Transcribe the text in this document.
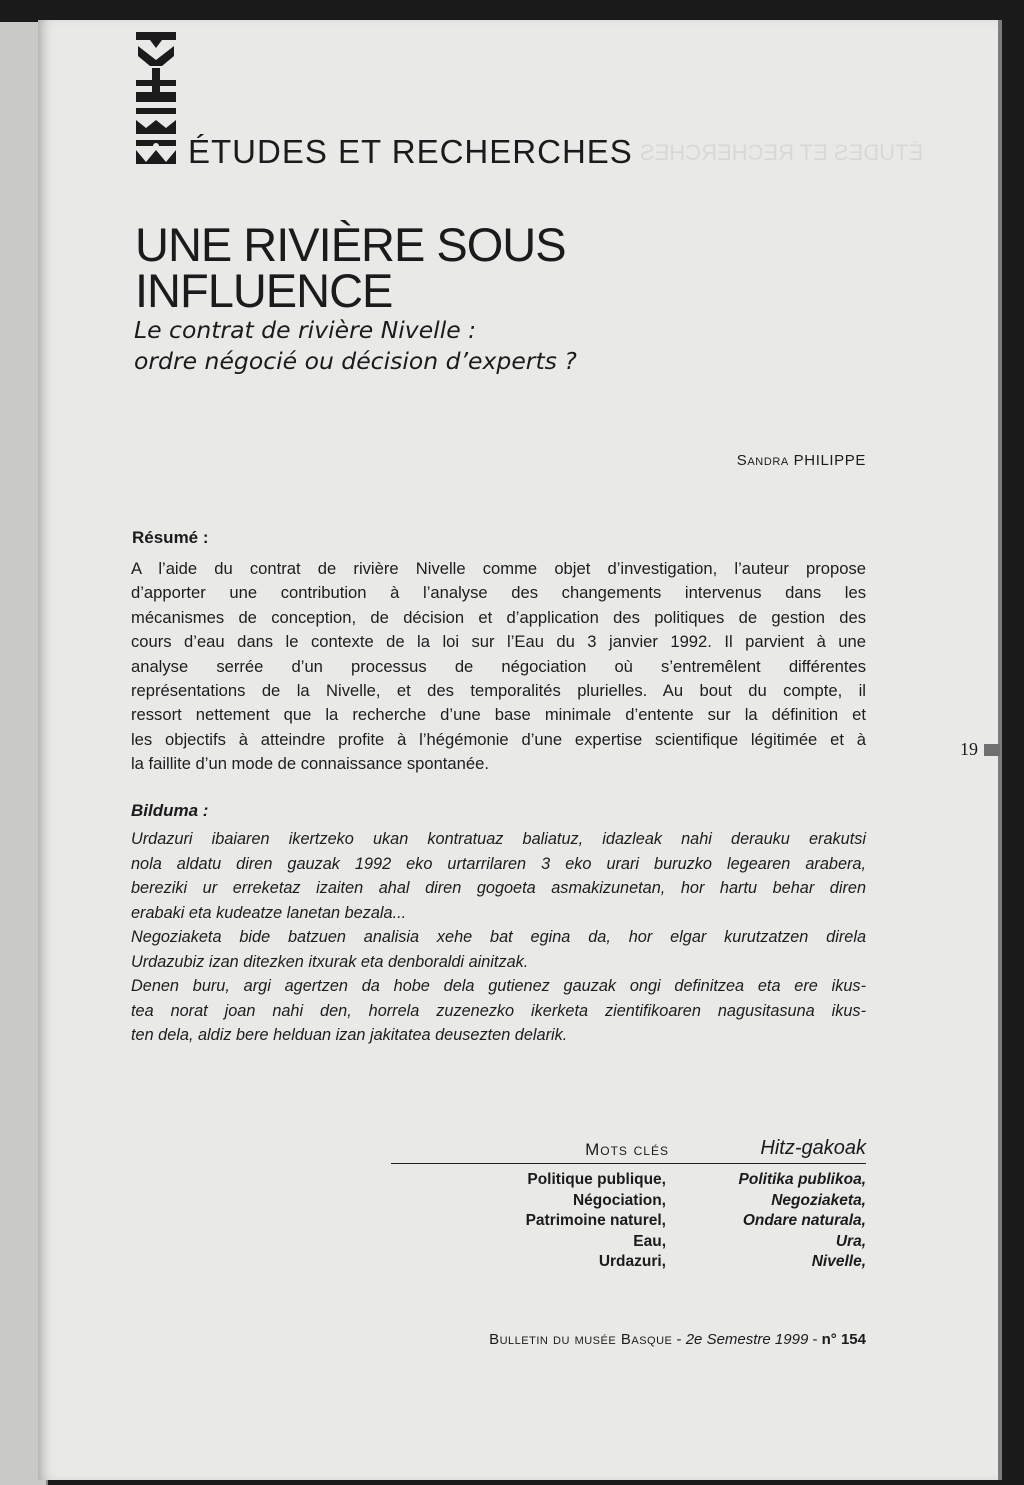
ÉTUDES ET RECHERCHES
ÉTUDES ET RECHERCHES
UNE RIVIÈRE SOUS
INFLUENCE
Le contrat de rivière Nivelle :
ordre négocié ou décision d’experts ?
Sandra PHILIPPE
Résumé :
A l’aide du contrat de rivière Nivelle comme objet d’investigation, l’auteur propose
d’apporter une contribution à l’analyse des changements intervenus dans les
mécanismes de conception, de décision et d’application des politiques de gestion des
cours d’eau dans le contexte de la loi sur l’Eau du 3 janvier 1992. Il parvient à une
analyse serrée d’un processus de négociation où s’entremêlent différentes
représentations de la Nivelle, et des temporalités plurielles. Au bout du compte, il
ressort nettement que la recherche d’une base minimale d’entente sur la définition et
les objectifs à atteindre profite à l’hégémonie d’une expertise scientifique légitimée et à
la faillite d’un mode de connaissance spontanée.
Bilduma :
Urdazuri ibaiaren ikertzeko ukan kontratuaz baliatuz, idazleak nahi derauku erakutsi
nola aldatu diren gauzak 1992 eko urtarrilaren 3 eko urari buruzko legearen arabera,
bereziki ur erreketaz izaiten ahal diren gogoeta asmakizunetan, hor hartu behar diren
erabaki eta kudeatze lanetan bezala...
Negoziaketa bide batzuen analisia xehe bat egina da, hor elgar kurutzatzen direla
Urdazubiz izan ditezken itxurak eta denboraldi ainitzak.
Denen buru, argi agertzen da hobe dela gutienez gauzak ongi definitzea eta ere ikus-
tea norat joan nahi den, horrela zuzenezko ikerketa zientifikoaren nagusitasuna ikus-
ten dela, aldiz bere helduan izan jakitatea deusezten delarik.
Mots clés	Hitz-gakoak
Politique publique,
Négociation,
Patrimoine naturel,
Eau,
Urdazuri,
Politika publikoa,
Negoziaketa,
Ondare naturala,
Ura,
Nivelle,
Bulletin du musée Basque - 2e Semestre 1999 - n° 154
19
